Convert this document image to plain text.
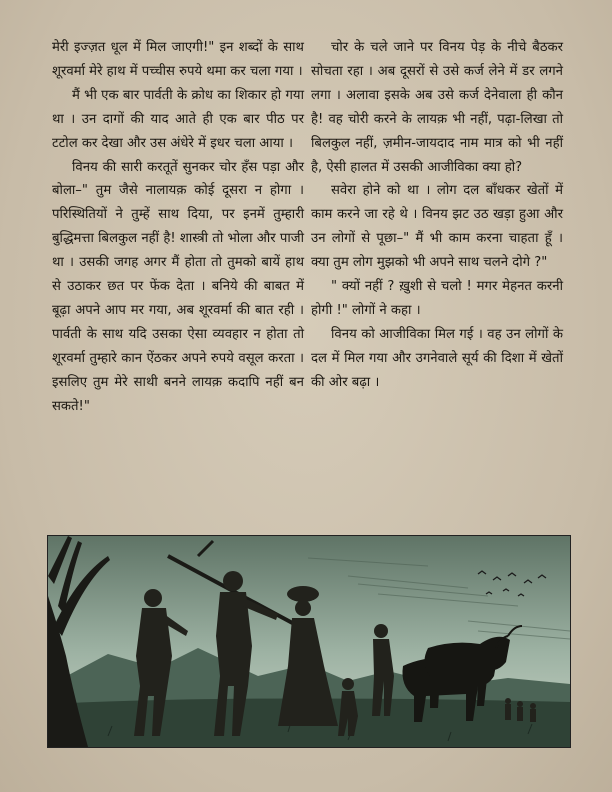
मेरी इज्ज़त धूल में मिल जाएगी!" इन शब्दों के साथ शूरवर्मा मेरे हाथ में पच्चीस रुपये थमा कर चला गया ।

मैं भी एक बार पार्वती के क्रोध का शिकार हो गया था । उन दागों की याद आते ही एक बार पीठ पर टटोल कर देखा और उस अंधेरे में इधर चला आया ।

विनय की सारी करतूतें सुनकर चोर हँस पड़ा और बोला–" तुम जैसे नालायक़ कोई दूसरा न होगा । परिस्थितियों ने तुम्हें साथ दिया, पर इनमें तुम्हारी बुद्धिमत्ता बिलकुल नहीं है! शास्त्री तो भोला और पाजी था । उसकी जगह अगर मैं होता तो तुमको बायें हाथ से उठाकर छत पर फेंक देता । बनिये की बाबत में बूढ़ा अपने आप मर गया, अब शूरवर्मा की बात रही । पार्वती के साथ यदि उसका ऐसा व्यवहार न होता तो शूरवर्मा तुम्हारे कान ऐंठकर अपने रुपये वसूल करता । इसलिए तुम मेरे साथी बनने लायक़ कदापि नहीं बन सकते!"

चोर के चले जाने पर विनय पेड़ के नीचे बैठकर सोचता रहा । अब दूसरों से उसे कर्ज लेने में डर लगने लगा । अलावा इसके अब उसे कर्ज देनेवाला ही कौन है! वह चोरी करने के लायक़ भी नहीं, पढ़ा-लिखा तो बिलकुल नहीं, ज़मीन-जायदाद नाम मात्र को भी नहीं है, ऐसी हालत में उसकी आजीविका क्या हो?

सवेरा होने को था । लोग दल बाँधकर खेतों में काम करने जा रहे थे । विनय झट उठ खड़ा हुआ और उन लोगों से पूछा–" मैं भी काम करना चाहता हूँ । क्या तुम लोग मुझको भी अपने साथ चलने दोगे ?"

" क्यों नहीं ? ख़ुशी से चलो ! मगर मेहनत करनी होगी !" लोगों ने कहा ।

विनय को आजीविका मिल गई । वह उन लोगों के दल में मिल गया और उगनेवाले सूर्य की दिशा में खेतों की ओर बढ़ा ।
